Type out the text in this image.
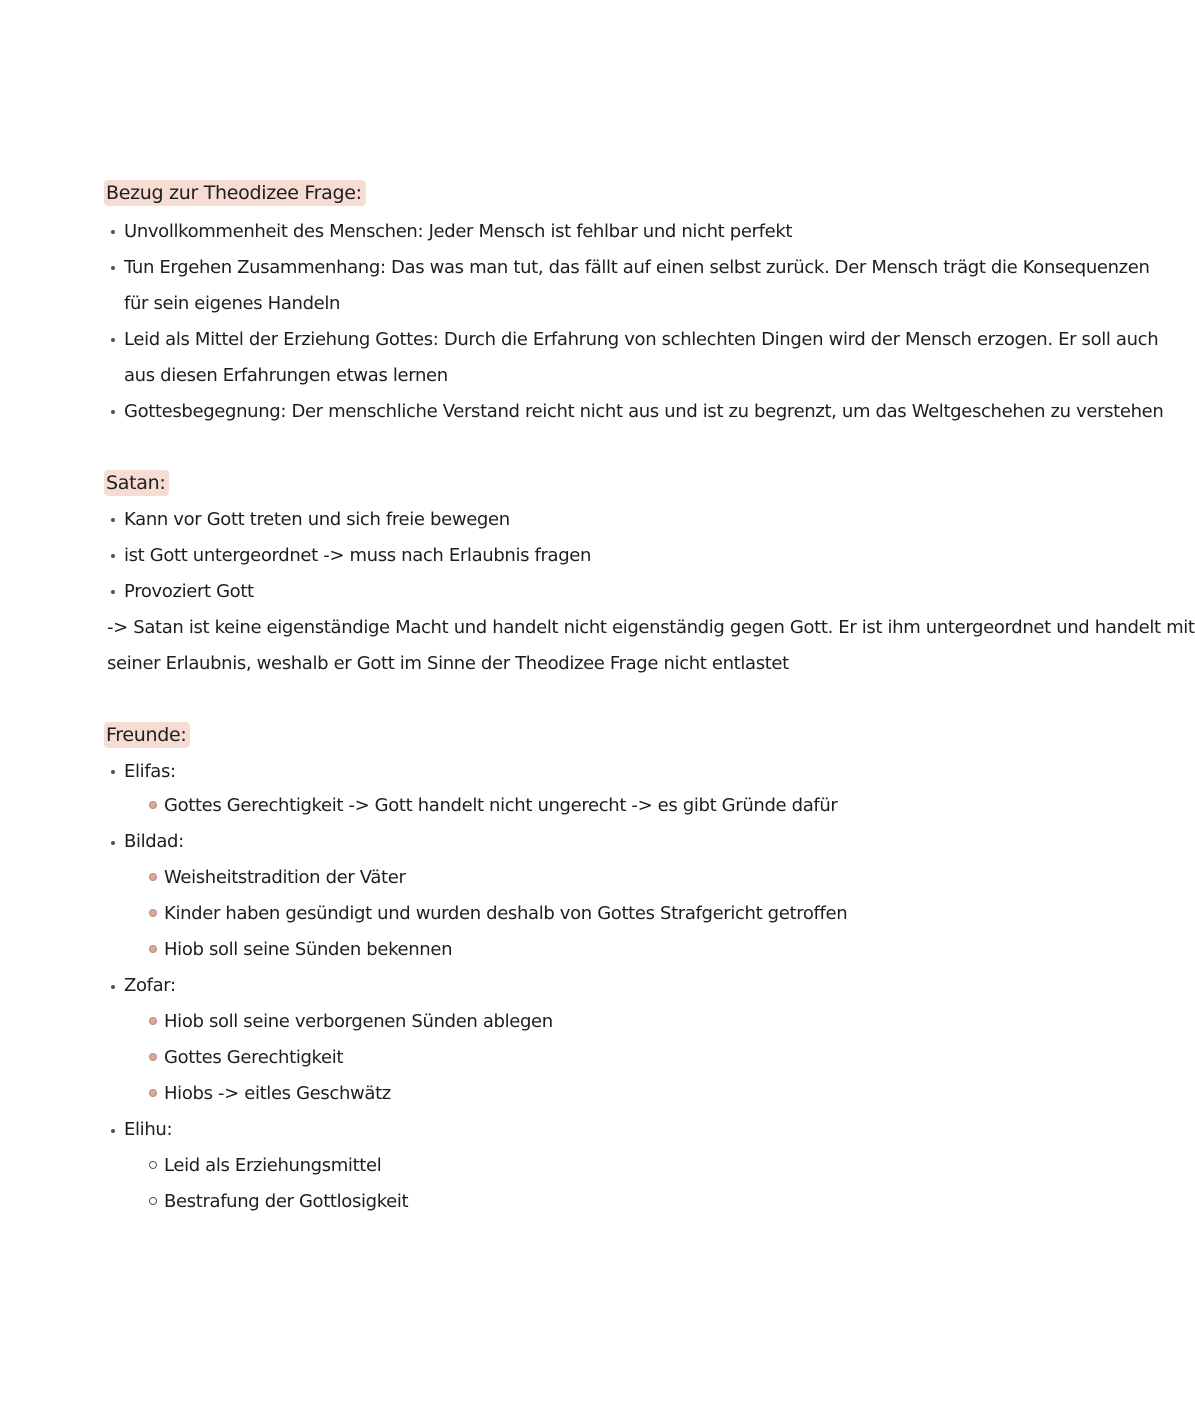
Bezug zur Theodizee Frage:
Unvollkommenheit des Menschen: Jeder Mensch ist fehlbar und nicht perfekt
Tun Ergehen Zusammenhang: Das was man tut, das fällt auf einen selbst zurück. Der Mensch trägt die Konsequenzen
für sein eigenes Handeln
Leid als Mittel der Erziehung Gottes: Durch die Erfahrung von schlechten Dingen wird der Mensch erzogen. Er soll auch
aus diesen Erfahrungen etwas lernen
Gottesbegegnung: Der menschliche Verstand reicht nicht aus und ist zu begrenzt, um das Weltgeschehen zu verstehen
Satan:
Kann vor Gott treten und sich freie bewegen
ist Gott untergeordnet -> muss nach Erlaubnis fragen
Provoziert Gott
-> Satan ist keine eigenständige Macht und handelt nicht eigenständig gegen Gott. Er ist ihm untergeordnet und handelt mit
seiner Erlaubnis, weshalb er Gott im Sinne der Theodizee Frage nicht entlastet
Freunde:
Elifas:
Gottes Gerechtigkeit -> Gott handelt nicht ungerecht -> es gibt Gründe dafür
Bildad:
Weisheitstradition der Väter
Kinder haben gesündigt und wurden deshalb von Gottes Strafgericht getroffen
Hiob soll seine Sünden bekennen
Zofar:
Hiob soll seine verborgenen Sünden ablegen
Gottes Gerechtigkeit
Hiobs -> eitles Geschwätz
Elihu:
Leid als Erziehungsmittel
Bestrafung der Gottlosigkeit
